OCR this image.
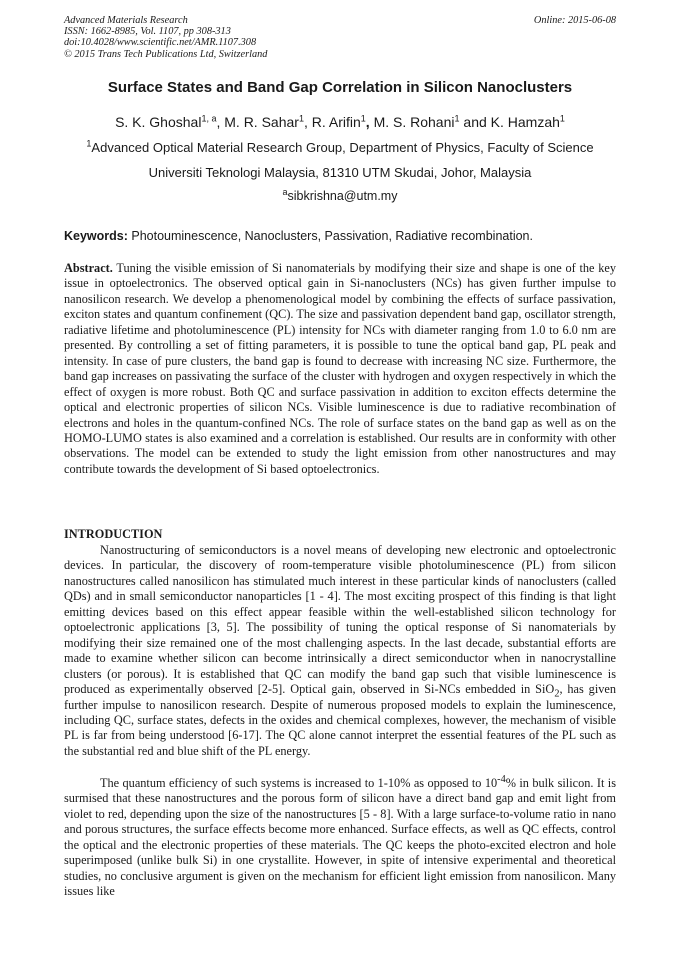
Advanced Materials Research
ISSN: 1662-8985, Vol. 1107, pp 308-313
doi:10.4028/www.scientific.net/AMR.1107.308
© 2015 Trans Tech Publications Ltd, Switzerland
Online: 2015-06-08
Surface States and Band Gap Correlation in Silicon Nanoclusters
S. K. Ghoshal$^{1, a}$, M. R. Sahar$^1$, R. Arifin$^1$, M. S. Rohani$^1$ and K. Hamzah$^1$
$^1$Advanced Optical Material Research Group, Department of Physics, Faculty of Science
Universiti Teknologi Malaysia, 81310 UTM Skudai, Johor, Malaysia
$^a$sibkrishna@utm.my
Keywords: Photouminescence, Nanoclusters, Passivation, Radiative recombination.
Abstract. Tuning the visible emission of Si nanomaterials by modifying their size and shape is one of the key issue in optoelectronics. The observed optical gain in Si-nanoclusters (NCs) has given further impulse to nanosilicon research. We develop a phenomenological model by combining the effects of surface passivation, exciton states and quantum confinement (QC). The size and passivation dependent band gap, oscillator strength, radiative lifetime and photoluminescence (PL) intensity for NCs with diameter ranging from 1.0 to 6.0 nm are presented. By controlling a set of fitting parameters, it is possible to tune the optical band gap, PL peak and intensity. In case of pure clusters, the band gap is found to decrease with increasing NC size. Furthermore, the band gap increases on passivating the surface of the cluster with hydrogen and oxygen respectively in which the effect of oxygen is more robust. Both QC and surface passivation in addition to exciton effects determine the optical and electronic properties of silicon NCs. Visible luminescence is due to radiative recombination of electrons and holes in the quantum-confined NCs. The role of surface states on the band gap as well as on the HOMO-LUMO states is also examined and a correlation is established. Our results are in conformity with other observations. The model can be extended to study the light emission from other nanostructures and may contribute towards the development of Si based optoelectronics.
INTRODUCTION
Nanostructuring of semiconductors is a novel means of developing new electronic and optoelectronic devices. In particular, the discovery of room-temperature visible photoluminescence (PL) from silicon nanostructures called nanosilicon has stimulated much interest in these particular kinds of nanoclusters (called QDs) and in small semiconductor nanoparticles [1 - 4]. The most exciting prospect of this finding is that light emitting devices based on this effect appear feasible within the well-established silicon technology for optoelectronic applications [3, 5]. The possibility of tuning the optical response of Si nanomaterials by modifying their size remained one of the most challenging aspects. In the last decade, substantial efforts are made to examine whether silicon can become intrinsically a direct semiconductor when in nanocrystalline clusters (or porous). It is established that QC can modify the band gap such that visible luminescence is produced as experimentally observed [2-5]. Optical gain, observed in Si-NCs embedded in SiO$_2$, has given further impulse to nanosilicon research. Despite of numerous proposed models to explain the luminescence, including QC, surface states, defects in the oxides and chemical complexes, however, the mechanism of visible PL is far from being understood [6-17]. The QC alone cannot interpret the essential features of the PL such as the substantial red and blue shift of the PL energy.
The quantum efficiency of such systems is increased to 1-10% as opposed to $10^{-4}\%$ in bulk silicon. It is surmised that these nanostructures and the porous form of silicon have a direct band gap and emit light from violet to red, depending upon the size of the nanostructures [5 - 8]. With a large surface-to-volume ratio in nano and porous structures, the surface effects become more enhanced. Surface effects, as well as QC effects, control the optical and the electronic properties of these materials. The QC keeps the photo-excited electron and hole superimposed (unlike bulk Si) in one crystallite. However, in spite of intensive experimental and theoretical studies, no conclusive argument is given on the mechanism for efficient light emission from nanosilicon. Many issues like
